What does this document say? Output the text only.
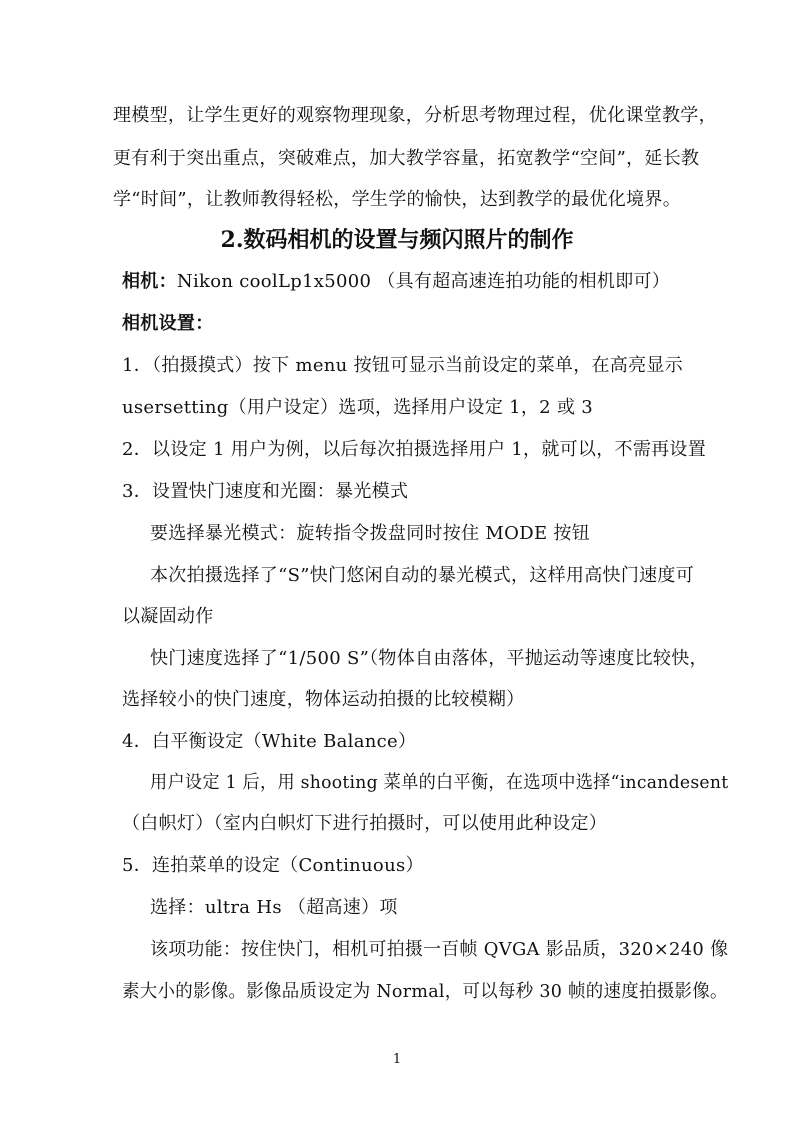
理模型，让学生更好的观察物理现象，分析思考物理过程，优化课堂教学，
更有利于突出重点，突破难点，加大教学容量，拓宽教学“空间”，延长教
学“时间”，让教师教得轻松，学生学的愉快，达到教学的最优化境界。
2.数码相机的设置与频闪照片的制作
相机：Nikon coolLp1x5000 （具有超高速连拍功能的相机即可）
相机设置：
1．（拍摄摸式）按下 menu 按钮可显示当前设定的菜单，在高亮显示
usersetting（用户设定）选项，选择用户设定 1，2 或 3
2．以设定 1 用户为例，以后每次拍摄选择用户 1，就可以，不需再设置
3．设置快门速度和光圈：暴光模式
要选择暴光模式：旋转指令拨盘同时按住 MODE 按钮
本次拍摄选择了“S”快门悠闲自动的暴光模式，这样用高快门速度可
以凝固动作
快门速度选择了“1/500 S”（物体自由落体，平抛运动等速度比较快，
选择较小的快门速度，物体运动拍摄的比较模糊）
4．白平衡设定（White Balance）
用户设定 1 后，用 shooting 菜单的白平衡，在选项中选择“incandesent
（白帜灯）（室内白帜灯下进行拍摄时，可以使用此种设定）
5．连拍菜单的设定（Continuous）
选择：ultra Hs （超高速）项
该项功能：按住快门，相机可拍摄一百帧 QVGA 影品质，320×240 像
素大小的影像。影像品质设定为 Normal，可以每秒 30 帧的速度拍摄影像。
1
